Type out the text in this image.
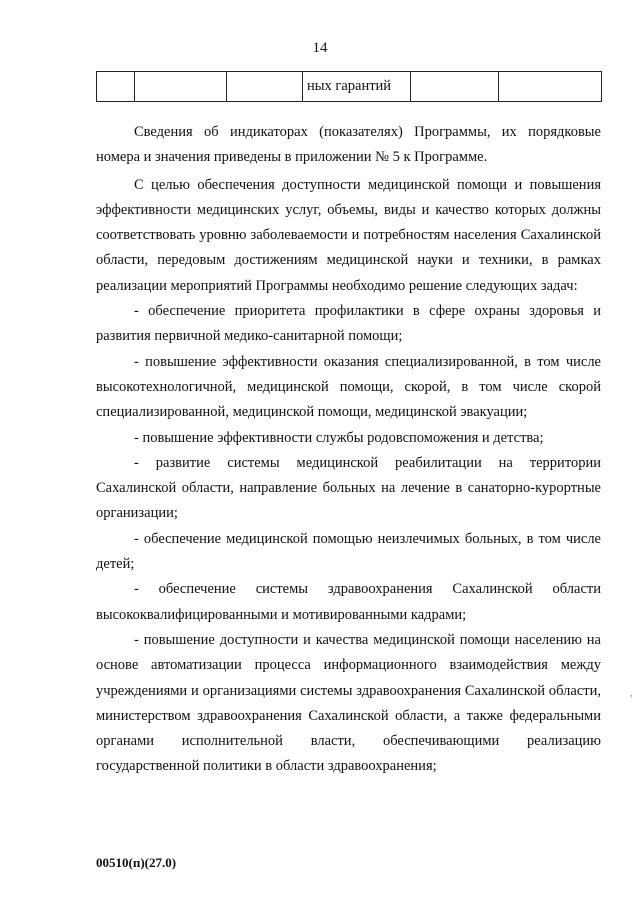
14
			ных гарантий		

Сведения об индикаторах (показателях) Программы, их порядковые номера и значения приведены в приложении № 5 к Программе.

С целью обеспечения доступности медицинской помощи и повышения эффективности медицинских услуг, объемы, виды и качество которых должны соответствовать уровню заболеваемости и потребностям населения Сахалинской области, передовым достижениям медицинской науки и техники, в рамках реализации мероприятий Программы необходимо решение следующих задач:

- обеспечение приоритета профилактики в сфере охраны здоровья и развития первичной медико-санитарной помощи;

- повышение эффективности оказания специализированной, в том числе высокотехнологичной, медицинской помощи, скорой, в том числе скорой специализированной, медицинской помощи, медицинской эвакуации;

- повышение эффективности службы родовспоможения и детства;

- развитие системы медицинской реабилитации на территории Сахалинской области, направление больных на лечение в санаторно-курортные организации;

- обеспечение медицинской помощью неизлечимых больных, в том числе детей;

- обеспечение системы здравоохранения Сахалинской области высококвалифицированными и мотивированными кадрами;

- повышение доступности и качества медицинской помощи населению на основе автоматизации процесса информационного взаимодействия между учреждениями и организациями системы здравоохранения Сахалинской области, министерством здравоохранения Сахалинской области, а также федеральными органами исполнительной власти, обеспечивающими реализацию государственной политики в области здравоохранения;

,
00510(п)(27.0)
